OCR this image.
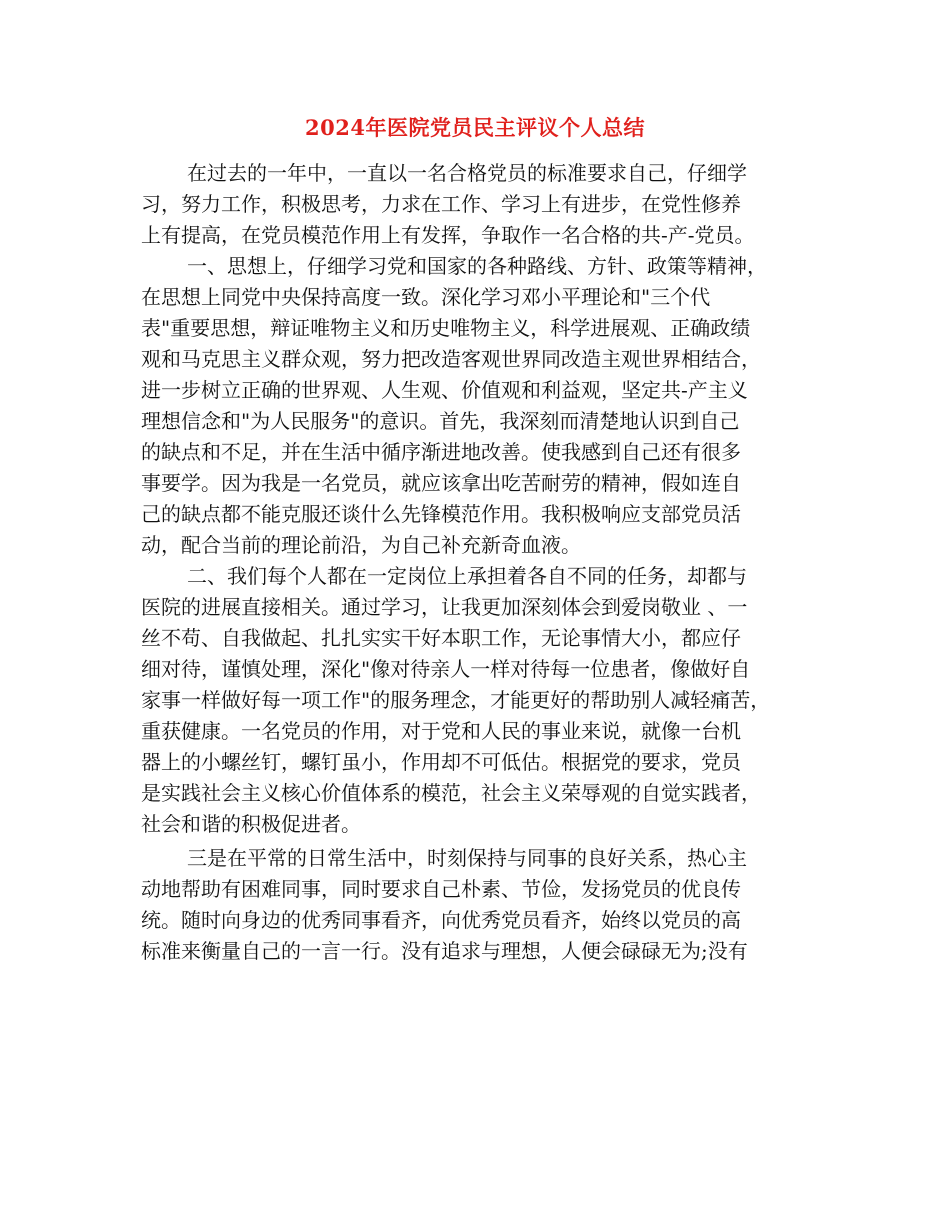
2024年医院党员民主评议个人总结
在过去的一年中，一直以一名合格党员的标准要求自己，仔细学
习，努力工作，积极思考，力求在工作、学习上有进步，在党性修养
上有提高，在党员模范作用上有发挥，争取作一名合格的共-产-党员。
一、思想上，仔细学习党和国家的各种路线、方针、政策等精神，
在思想上同党中央保持高度一致。深化学习邓小平理论和"三个代
表"重要思想，辩证唯物主义和历史唯物主义，科学进展观、正确政绩
观和马克思主义群众观，努力把改造客观世界同改造主观世界相结合，
进一步树立正确的世界观、人生观、价值观和利益观，坚定共-产主义
理想信念和"为人民服务"的意识。首先，我深刻而清楚地认识到自己
的缺点和不足，并在生活中循序渐进地改善。使我感到自己还有很多
事要学。因为我是一名党员，就应该拿出吃苦耐劳的精神，假如连自
己的缺点都不能克服还谈什么先锋模范作用。我积极响应支部党员活
动，配合当前的理论前沿，为自己补充新奇血液。
二、我们每个人都在一定岗位上承担着各自不同的任务，却都与
医院的进展直接相关。通过学习，让我更加深刻体会到爱岗敬业 、一
丝不苟、自我做起、扎扎实实干好本职工作，无论事情大小，都应仔
细对待，谨慎处理，深化"像对待亲人一样对待每一位患者，像做好自
家事一样做好每一项工作"的服务理念，才能更好的帮助别人减轻痛苦，
重获健康。一名党员的作用，对于党和人民的事业来说，就像一台机
器上的小螺丝钉，螺钉虽小，作用却不可低估。根据党的要求，党员
是实践社会主义核心价值体系的模范，社会主义荣辱观的自觉实践者，
社会和谐的积极促进者。
三是在平常的日常生活中，时刻保持与同事的良好关系，热心主
动地帮助有困难同事，同时要求自己朴素、节俭，发扬党员的优良传
统。随时向身边的优秀同事看齐，向优秀党员看齐，始终以党员的高
标准来衡量自己的一言一行。没有追求与理想，人便会碌碌无为;没有
